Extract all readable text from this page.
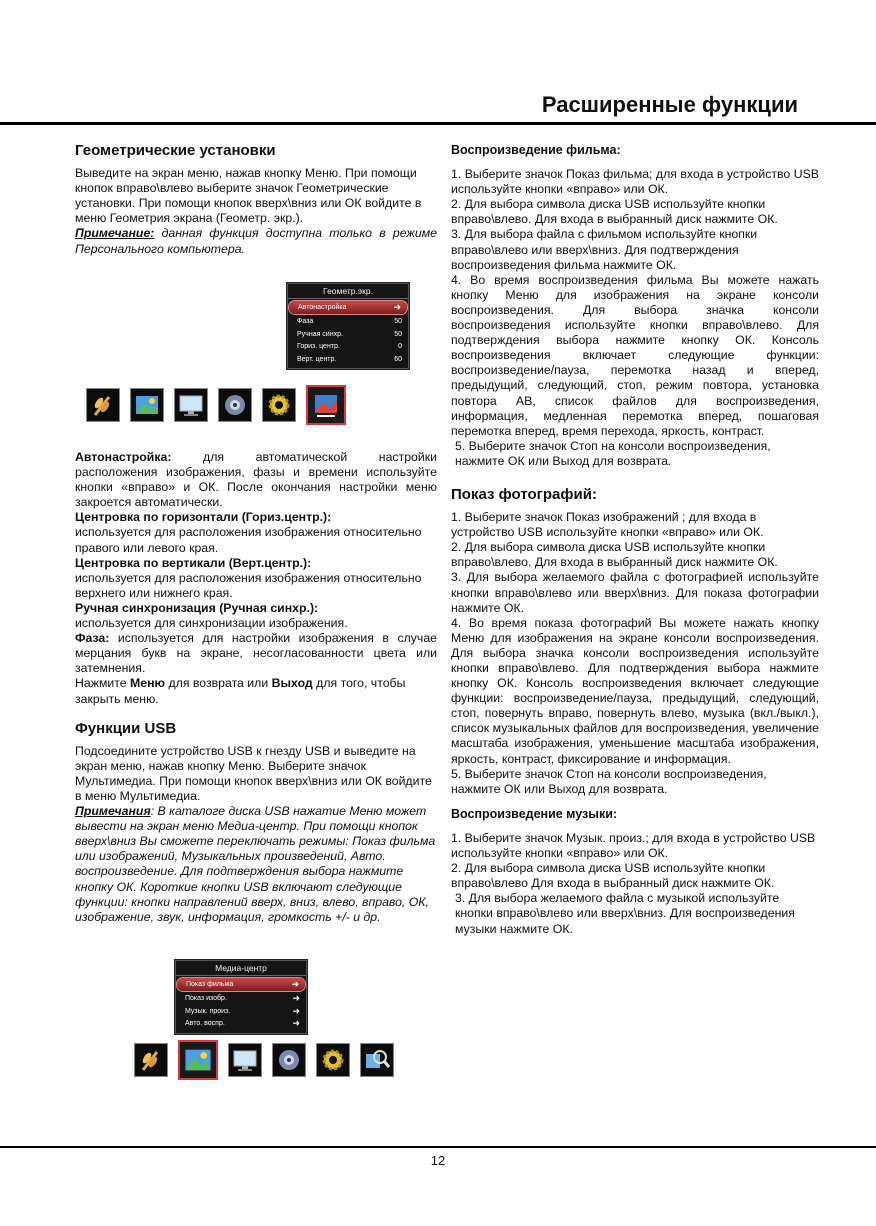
Расширенные функции
Геометрические установки

Выведите на экран меню, нажав кнопку Меню. При помощи кнопок вправо\влево выберите значок Геометрические установки. При помощи кнопок вверх\вниз или ОК войдите в меню Геометрия экрана (Геометр. экр.).

Примечание: данная функция доступна только в режиме Персонального компьютера.

Геометр.экр.
Автонастройка	➜
Фаза	50
Ручная синхр.	50
Гориз. центр.	0
Верт. центр.	60

Автонастройка: для автоматической настройки расположения изображения, фазы и времени используйте кнопки «вправо» и ОК. После окончания настройки меню закроется автоматически.

Центровка по горизонтали (Гориз.центр.):

используется для расположения изображения относительно правого или левого края.

Центровка по вертикали (Верт.центр.):

используется для расположения изображения относительно верхнего или нижнего края.

Ручная синхронизация (Ручная синхр.):

используется для синхронизации изображения.

Фаза: используется для настройки изображения в случае мерцания букв на экране, несогласованности цвета или затемнения.

Нажмите Меню для возврата или Выход для того, чтобы закрыть меню.

Функции USB

Подсоедините устройство USB к гнезду USB и выведите на экран меню, нажав кнопку Меню. Выберите значок Мультимедиа. При помощи кнопок вверх\вниз или ОК войдите в меню Мультимедиа.

Примечания: В каталоге диска USB нажатие Меню может вывести на экран меню Медиа-центр. При помощи кнопок вверх\вниз Вы сможете переключать режимы: Показ фильма или изображений, Музыкальных произведений, Авто. воспроизведение. Для подтверждения выбора нажмите кнопку ОК. Короткие кнопки USB включают следующие функции: кнопки направлений вверх, вниз, влево, вправо, ОК, изображение, звук, информация, громкость +/- и др.

Медиа-центр
Показ фильма	➜
Показ изобр.	➜
Музык. произ.	➜
Авто. воспр.	➜
Воспроизведение фильма:

1. Выберите значок Показ фильма; для входа в устройство USB используйте кнопки «вправо» или ОК.

2. Для выбора символа диска USB используйте кнопки вправо\влево. Для входа в выбранный диск нажмите ОК.

3. Для выбора файла с фильмом используйте кнопки вправо\влево или вверх\вниз. Для подтверждения воспроизведения фильма нажмите ОК.

4. Во время воспроизведения фильма Вы можете нажать кнопку Меню для изображения на экране консоли воспроизведения. Для выбора значка консоли воспроизведения используйте кнопки вправо\влево. Для подтверждения выбора нажмите кнопку ОК. Консоль воспроизведения включает следующие функции: воспроизведение/пауза, перемотка назад и вперед, предыдущий, следующий, стоп, режим повтора, установка повтора AB, список файлов для воспроизведения, информация, медленная перемотка вперед, пошаговая перемотка вперед, время перехода, яркость, контраст.

5. Выберите значок Стоп на консоли воспроизведения, нажмите ОК или Выход для возврата.

Показ фотографий:

1. Выберите значок Показ изображений ; для входа в устройство USB используйте кнопки «вправо» или ОК.

2. Для выбора символа диска USB используйте кнопки вправо\влево. Для входа в выбранный диск нажмите ОК.

3. Для выбора желаемого файла с фотографией используйте кнопки вправо\влево или вверх\вниз. Для показа фотографии нажмите ОК.

4. Во время показа фотографий Вы можете нажать кнопку Меню для изображения на экране консоли воспроизведения. Для выбора значка консоли воспроизведения используйте кнопки вправо\влево. Для подтверждения выбора нажмите кнопку ОК. Консоль воспроизведения включает следующие функции: воспроизведение/пауза, предыдущий, следующий, стоп, повернуть вправо, повернуть влево, музыка (вкл./выкл.), список музыкальных файлов для воспроизведения, увеличение масштаба изображения, уменьшение масштаба изображения, яркость, контраст, фиксирование и информация.

5. Выберите значок Стоп на консоли воспроизведения, нажмите ОК или Выход для возврата.

Воспроизведение музыки:

1. Выберите значок Музык. произ.; для входа в устройство USB используйте кнопки «вправо» или ОК.

2. Для выбора символа диска USB используйте кнопки вправо\влево Для входа в выбранный диск нажмите ОК.

3. Для выбора желаемого файла с музыкой используйте кнопки вправо\влево или вверх\вниз. Для воспроизведения музыки нажмите ОК.

12
